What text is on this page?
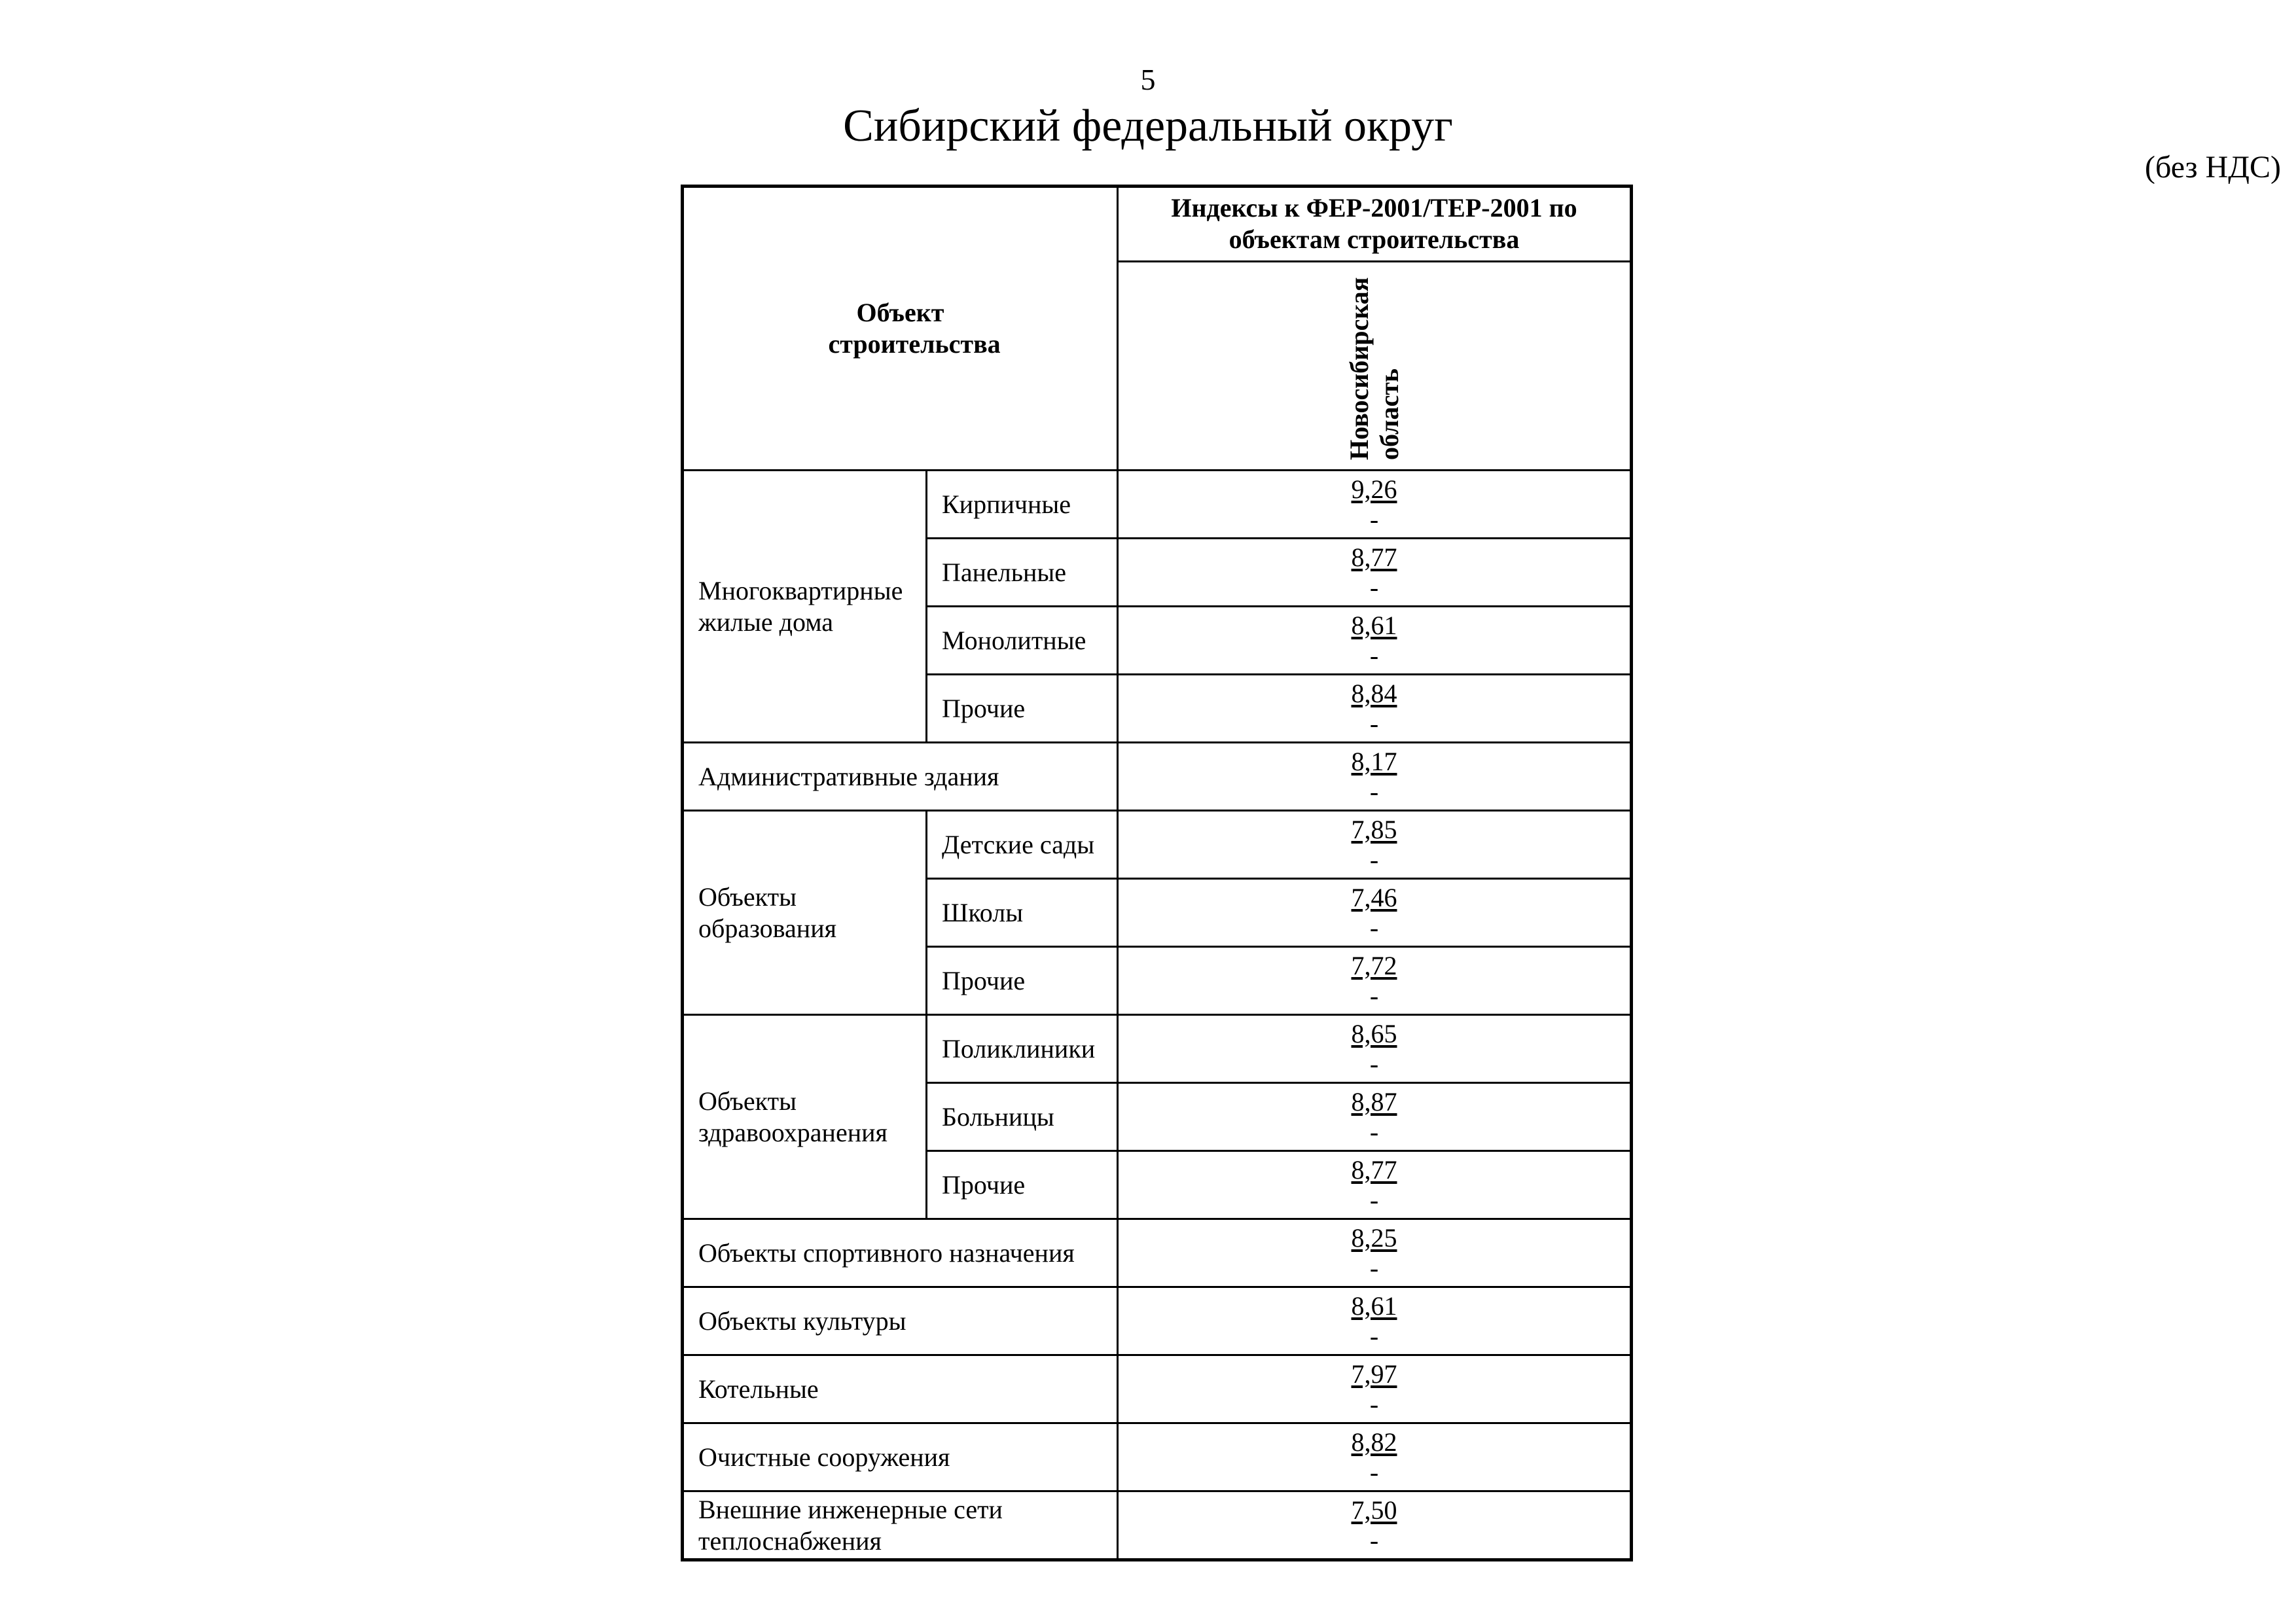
5
Сибирский федеральный округ
(без НДС)
Объект строительства		Индексы к ФЕР-2001/ТЕР-2001 по объектам строительства
		Новосибирская область
Многоквартирные жилые дома	Кирпичные	9,26
-

	Панельные	8,77
-

	Монолитные	8,61
-

	Прочие	8,84
-

Административные здания		8,17
-

Объекты образования	Детские сады	7,85
-

	Школы	7,46
-

	Прочие	7,72
-

Объекты здравоохранения	Поликлиники	8,65
-

	Больницы	8,87
-

	Прочие	8,77
-

Объекты спортивного назначения		8,25
-

Объекты культуры		8,61
-

Котельные		7,97
-

Очистные сооружения		8,82
-

Внешние инженерные сети теплоснабжения		7,50
-
